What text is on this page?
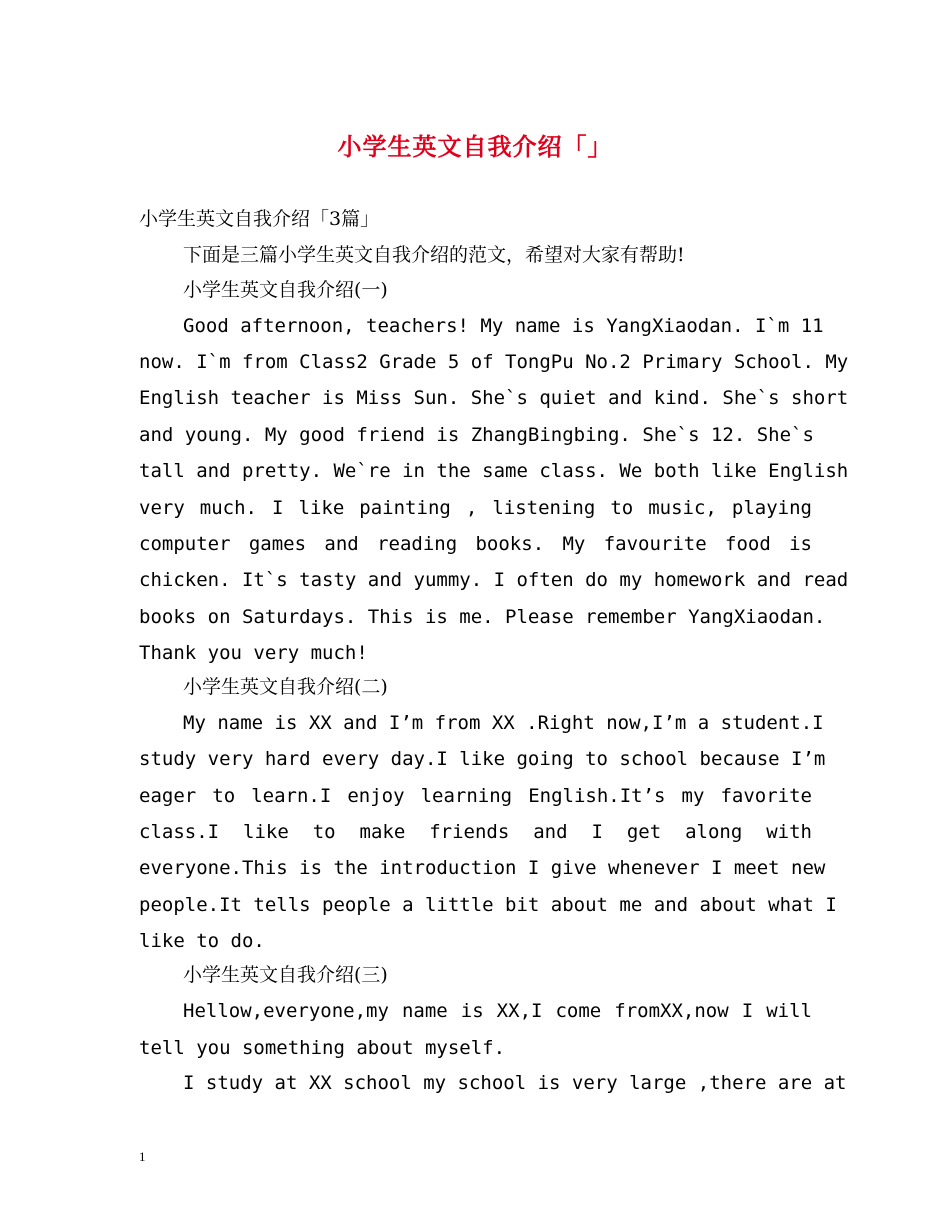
小学生英文自我介绍「」
小学生英文自我介绍「3篇」
下面是三篇小学生英文自我介绍的范文，希望对大家有帮助!
小学生英文自我介绍(一)
Good afternoon, teachers! My name is YangXiaodan. I`m 11
now. I`m from Class2 Grade 5 of TongPu No.2 Primary School. My
English teacher is Miss Sun. She`s quiet and kind. She`s short
and young. My good friend is ZhangBingbing. She`s 12. She`s
tall and pretty. We`re in the same class. We both like English
very much. I like painting , listening to music, playing
computer games and reading books. My favourite food is
chicken. It`s tasty and yummy. I often do my homework and read
books on Saturdays. This is me. Please remember YangXiaodan.
Thank you very much!
小学生英文自我介绍(二)
My name is XX and I’m from XX .Right now,I’m a student.I
study very hard every day.I like going to school because I’m
eager to learn.I enjoy learning English.It’s my favorite
class.I like to make friends and I get along with
everyone.This is the introduction I give whenever I meet new
people.It tells people a little bit about me and about what I
like to do.
小学生英文自我介绍(三)
Hellow,everyone,my name is XX,I come fromXX,now I will
tell you something about myself.
I study at XX school my school is very large ,there are at
1
